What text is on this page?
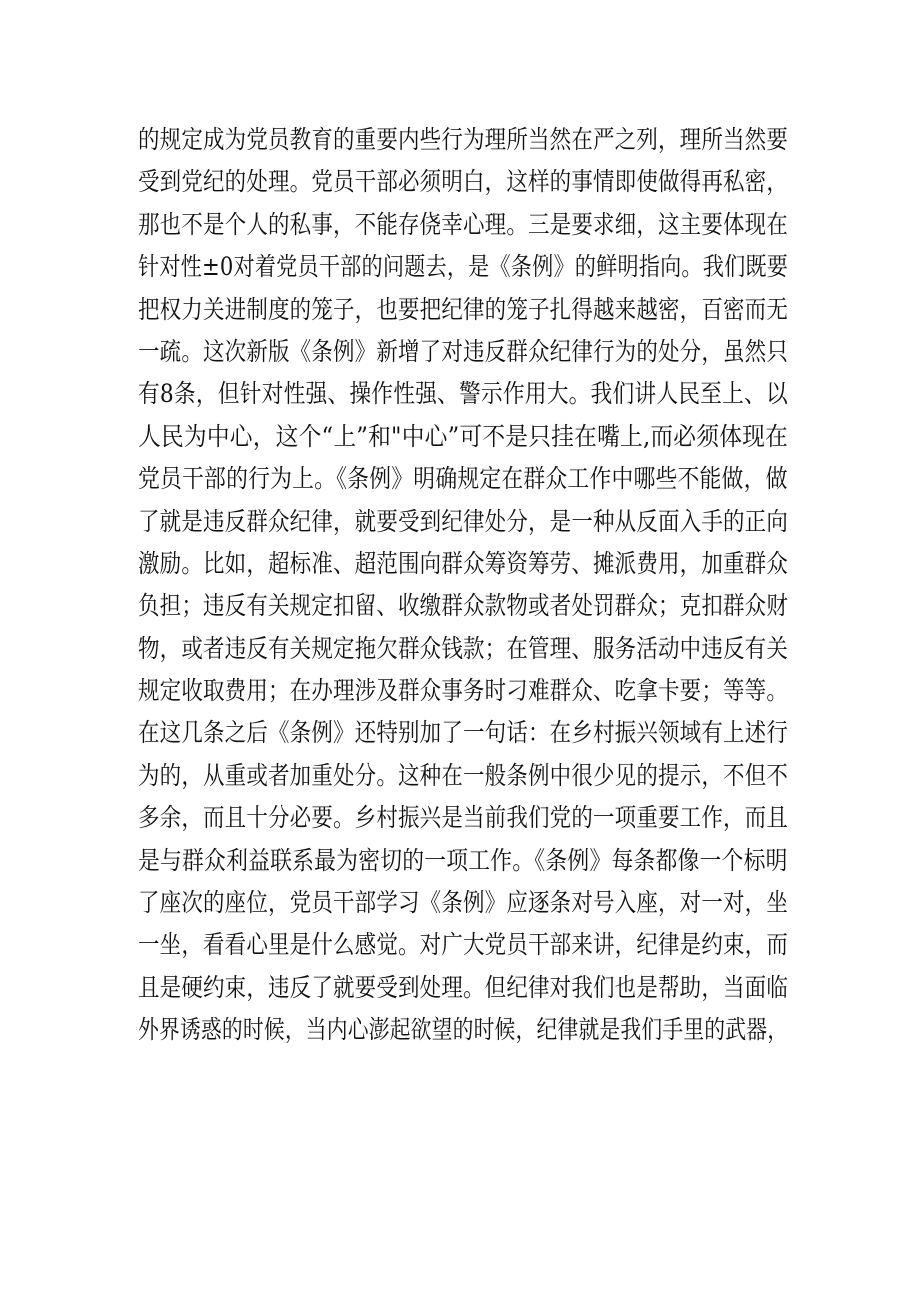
的规定成为党员教育的重要内些行为理所当然在严之列，理所当然要
受到党纪的处理。党员干部必须明白，这样的事情即使做得再私密，
那也不是个人的私事，不能存侥幸心理。三是要求细，这主要体现在
针对性±0对着党员干部的问题去，是《条例》的鲜明指向。我们既要
把权力关进制度的笼子，也要把纪律的笼子扎得越来越密，百密而无
一疏。这次新版《条例》新增了对违反群众纪律行为的处分，虽然只
有8条，但针对性强、操作性强、警示作用大。我们讲人民至上、以
人民为中心，这个“上”和"中心”可不是只挂在嘴上,而必须体现在
党员干部的行为上。《条例》明确规定在群众工作中哪些不能做，做
了就是违反群众纪律，就要受到纪律处分，是一种从反面入手的正向
激励。比如，超标准、超范围向群众筹资筹劳、摊派费用，加重群众
负担；违反有关规定扣留、收缴群众款物或者处罚群众；克扣群众财
物，或者违反有关规定拖欠群众钱款；在管理、服务活动中违反有关
规定收取费用；在办理涉及群众事务时刁难群众、吃拿卡要；等等。
在这几条之后《条例》还特别加了一句话：在乡村振兴领域有上述行
为的，从重或者加重处分。这种在一般条例中很少见的提示，不但不
多余，而且十分必要。乡村振兴是当前我们党的一项重要工作，而且
是与群众利益联系最为密切的一项工作。《条例》每条都像一个标明
了座次的座位，党员干部学习《条例》应逐条对号入座，对一对，坐
一坐，看看心里是什么感觉。对广大党员干部来讲，纪律是约束，而
且是硬约束，违反了就要受到处理。但纪律对我们也是帮助，当面临
外界诱惑的时候，当内心澎起欲望的时候，纪律就是我们手里的武器，
